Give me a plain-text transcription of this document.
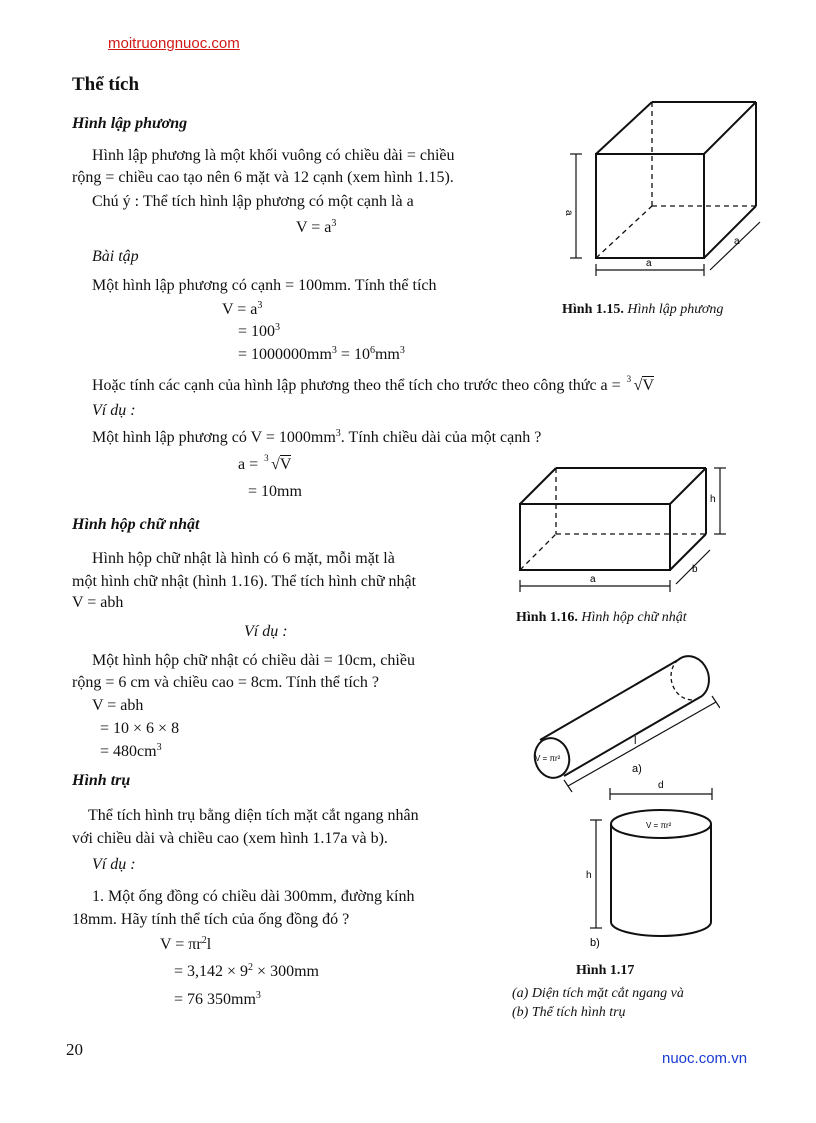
moitruongnuoc.com
Thể tích
Hình lập phương
Hình lập phương là một khối vuông có chiều dài = chiều
rộng = chiều cao tạo nên 6 mặt và 12 cạnh (xem hình 1.15).
Chú ý : Thể tích hình lập phương có một cạnh là a
$V = a^3$
Bài tập
Một hình lập phương có cạnh = 100mm. Tính thể tích
$V = a^3$
= $100^3$
= $1000000mm^3 = 10^6mm^3$
Hoặc tính các cạnh của hình lập phương theo thể tích cho trước theo công thức a = 3 √V
Ví dụ :
Một hình lập phương có $V = 1000mm^3$. Tính chiều dài của một cạnh ?
a = 3 √V
= 10mm
a
a
a
Hình 1.15. Hình lập phương
Hình hộp chữ nhật
Hình hộp chữ nhật là hình có 6 mặt, mỗi mặt là
một hình chữ nhật (hình 1.16). Thể tích hình chữ nhật
V = abh
Ví dụ :
Một hình hộp chữ nhật có chiều dài = 10cm, chiều
rộng = 6 cm và chiều cao = 8cm. Tính thể tích ?
V = abh
= 10 × 6 × 8
= $480cm^3$
a
b
h
Hình 1.16. Hình hộp chữ nhật
Hình trụ
Thể tích hình trụ bằng diện tích mặt cắt ngang nhân
với chiều dài và chiều cao (xem hình 1.17a và b).
Ví dụ :
1. Một ống đồng có chiều dài 300mm, đường kính
18mm. Hãy tính thể tích của ống đồng đó ?
$V = \pi r^2l$
= $3,142 \times 9^2 \times 300mm$
= 76 $350mm^3$
V = πr²
l
a)
d
V = πr²
h
b)
Hình 1.17
(a) Diện tích mặt cắt ngang và
(b) Thể tích hình trụ
20	nuoc.com.vn
